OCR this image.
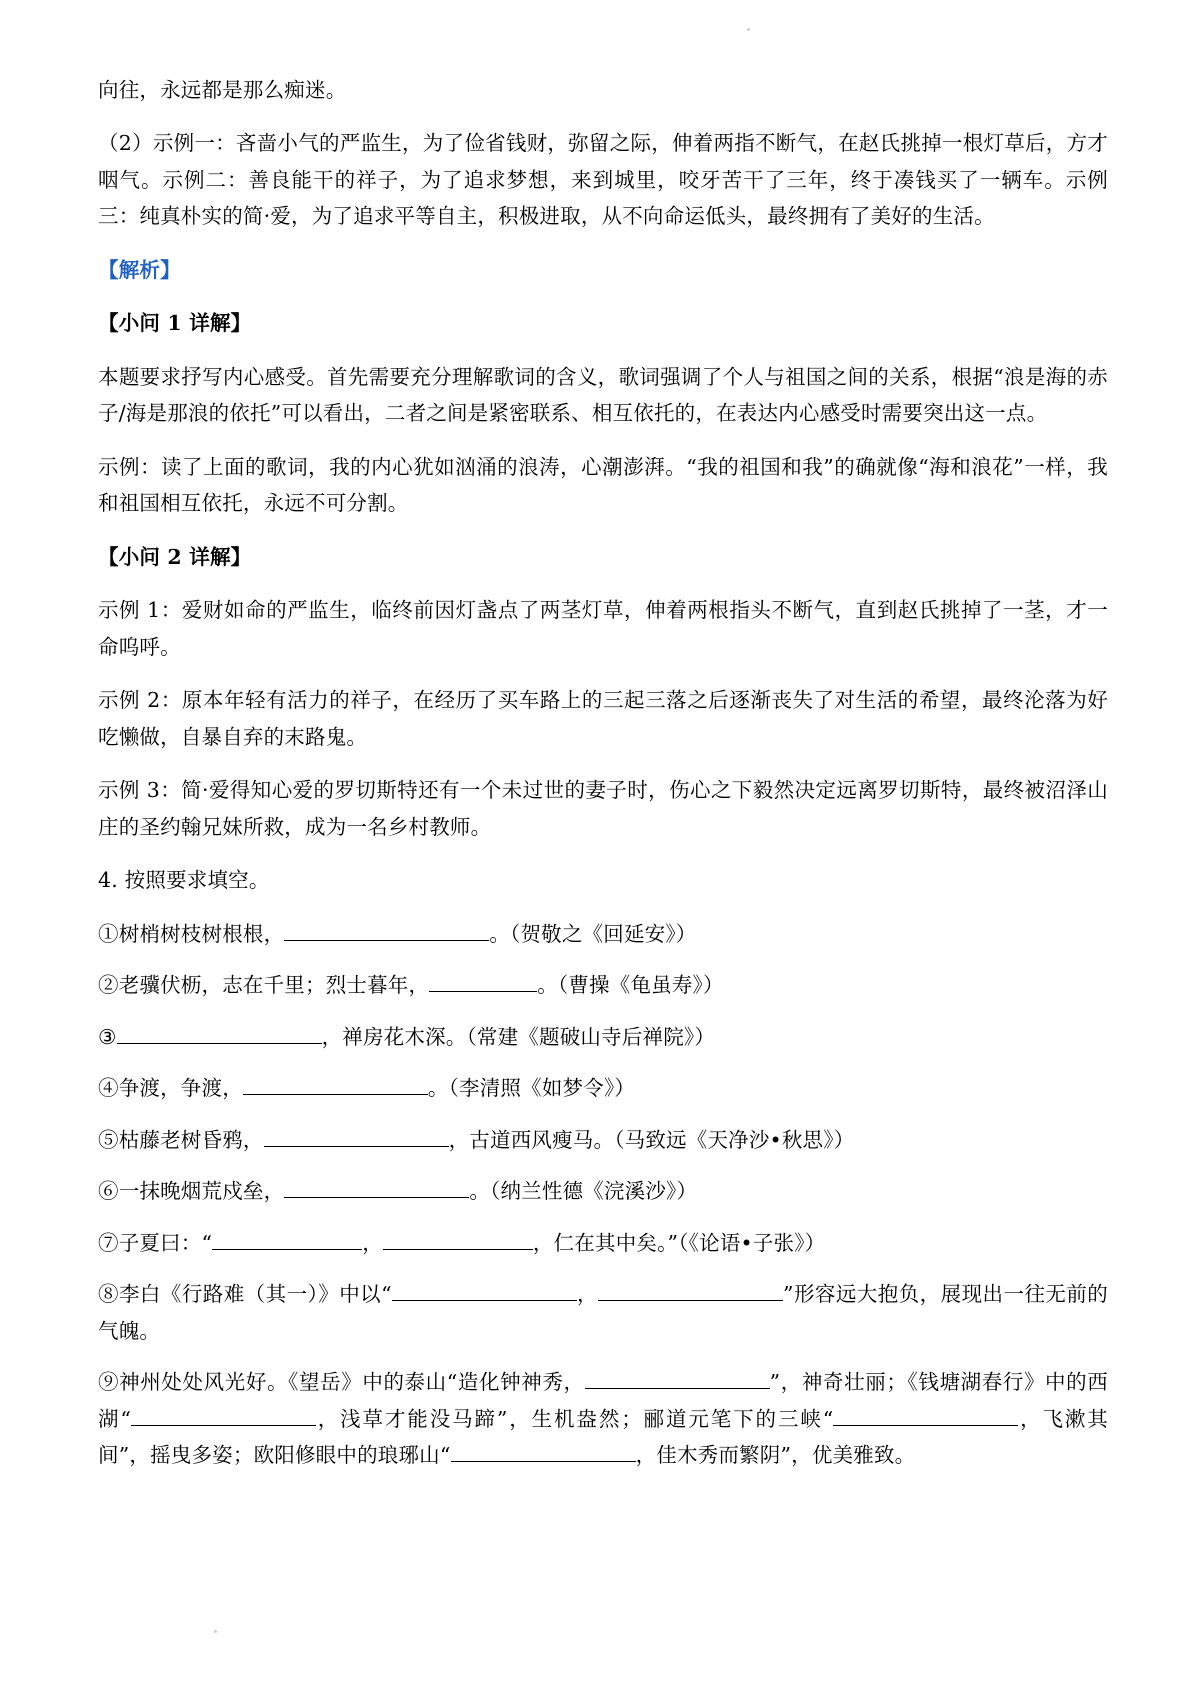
向往，永远都是那么痴迷。

（2）示例一：吝啬小气的严监生，为了俭省钱财，弥留之际，伸着两指不断气，在赵氏挑掉一根灯草后，方才咽气。示例二：善良能干的祥子，为了追求梦想，来到城里，咬牙苦干了三年，终于凑钱买了一辆车。示例三：纯真朴实的简·爱，为了追求平等自主，积极进取，从不向命运低头，最终拥有了美好的生活。

【解析】

【小问 1 详解】

本题要求抒写内心感受。首先需要充分理解歌词的含义，歌词强调了个人与祖国之间的关系，根据“浪是海的赤子/海是那浪的依托”可以看出，二者之间是紧密联系、相互依托的，在表达内心感受时需要突出这一点。

示例：读了上面的歌词，我的内心犹如汹涌的浪涛，心潮澎湃。“我的祖国和我”的确就像“海和浪花”一样，我和祖国相互依托，永远不可分割。

【小问 2 详解】

示例 1：爱财如命的严监生，临终前因灯盏点了两茎灯草，伸着两根指头不断气，直到赵氏挑掉了一茎，才一命呜呼。

示例 2：原本年轻有活力的祥子，在经历了买车路上的三起三落之后逐渐丧失了对生活的希望，最终沦落为好吃懒做，自暴自弃的末路鬼。

示例 3：简·爱得知心爱的罗切斯特还有一个未过世的妻子时，伤心之下毅然决定远离罗切斯特，最终被沼泽山庄的圣约翰兄妹所救，成为一名乡村教师。

4. 按照要求填空。

①树梢树枝树根根，	。（贺敬之《回延安》）

②老骥伏枥，志在千里；烈士暮年，	。（曹操《龟虽寿》）

③	，禅房花木深。（常建《题破山寺后禅院》）

④争渡，争渡，	。（李清照《如梦令》）

⑤枯藤老树昏鸦，	，古道西风瘦马。（马致远《天净沙•秋思》）

⑥一抹晚烟荒戍垒，	。（纳兰性德《浣溪沙》）

⑦子夏曰：“	，	，仁在其中矣。”（《论语•子张》）

⑧李白《行路难（其一）》中以“	，	”形容远大抱负，展现出一往无前的气魄。

⑨神州处处风光好。《望岳》中的泰山“造化钟神秀，	”，神奇壮丽；《钱塘湖春行》中的西湖“	，浅草才能没马蹄”，生机盎然；郦道元笔下的三峡“	，飞漱其间”，摇曳多姿；欧阳修眼中的琅琊山“	，佳木秀而繁阴”，优美雅致。
